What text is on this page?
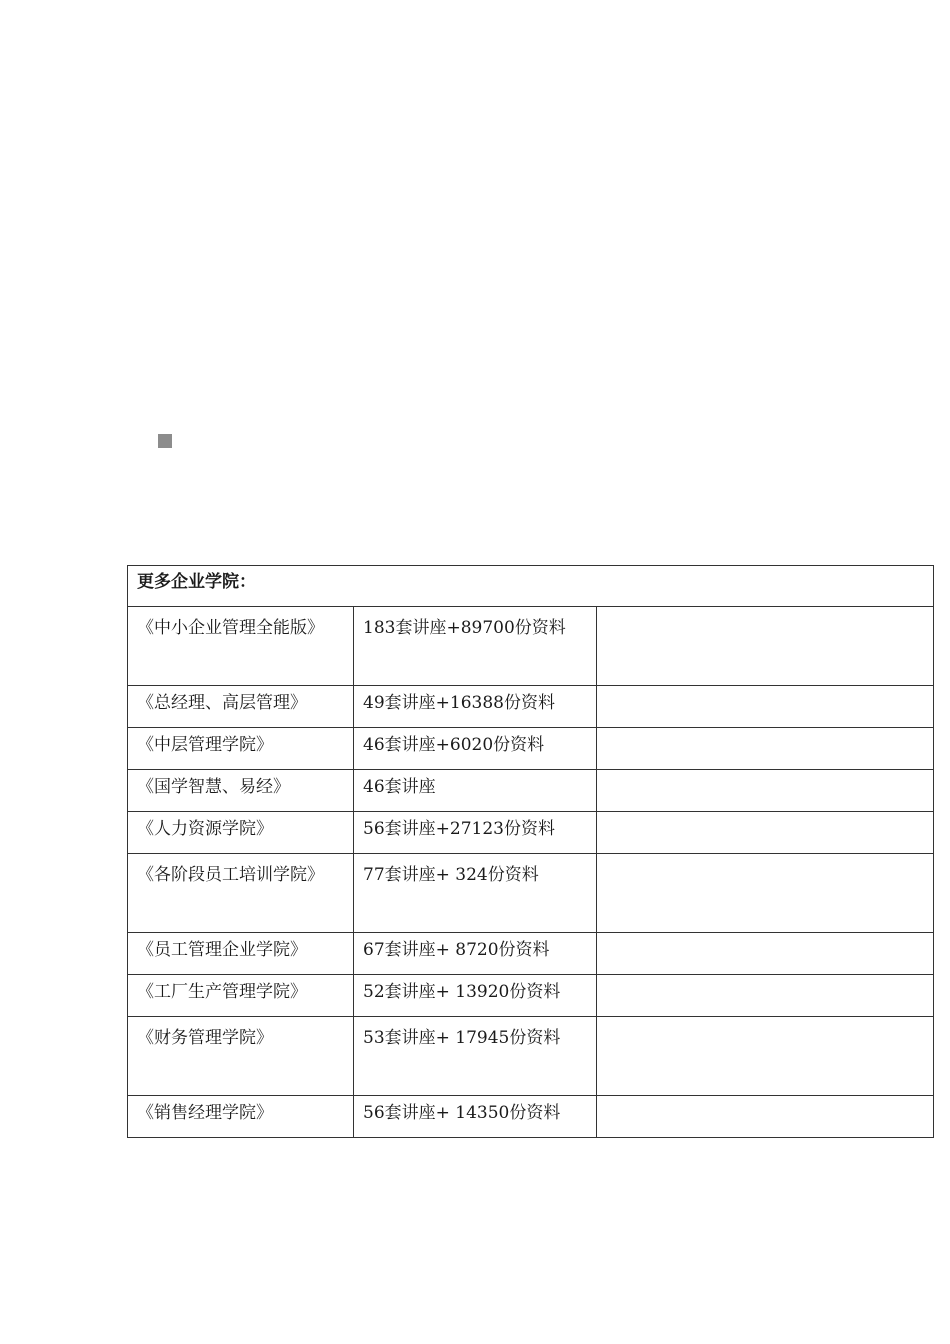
更多企业学院：		
《中小企业管理全能版》	183套讲座+89700份资料	
《总经理、高层管理》	49套讲座+16388份资料	
《中层管理学院》	46套讲座+6020份资料	
《国学智慧、易经》	46套讲座	
《人力资源学院》	56套讲座+27123份资料	
《各阶段员工培训学院》	77套讲座+ 324份资料	
《员工管理企业学院》	67套讲座+ 8720份资料	
《工厂生产管理学院》	52套讲座+ 13920份资料	
《财务管理学院》	53套讲座+ 17945份资料	
《销售经理学院》	56套讲座+ 14350份资料	
